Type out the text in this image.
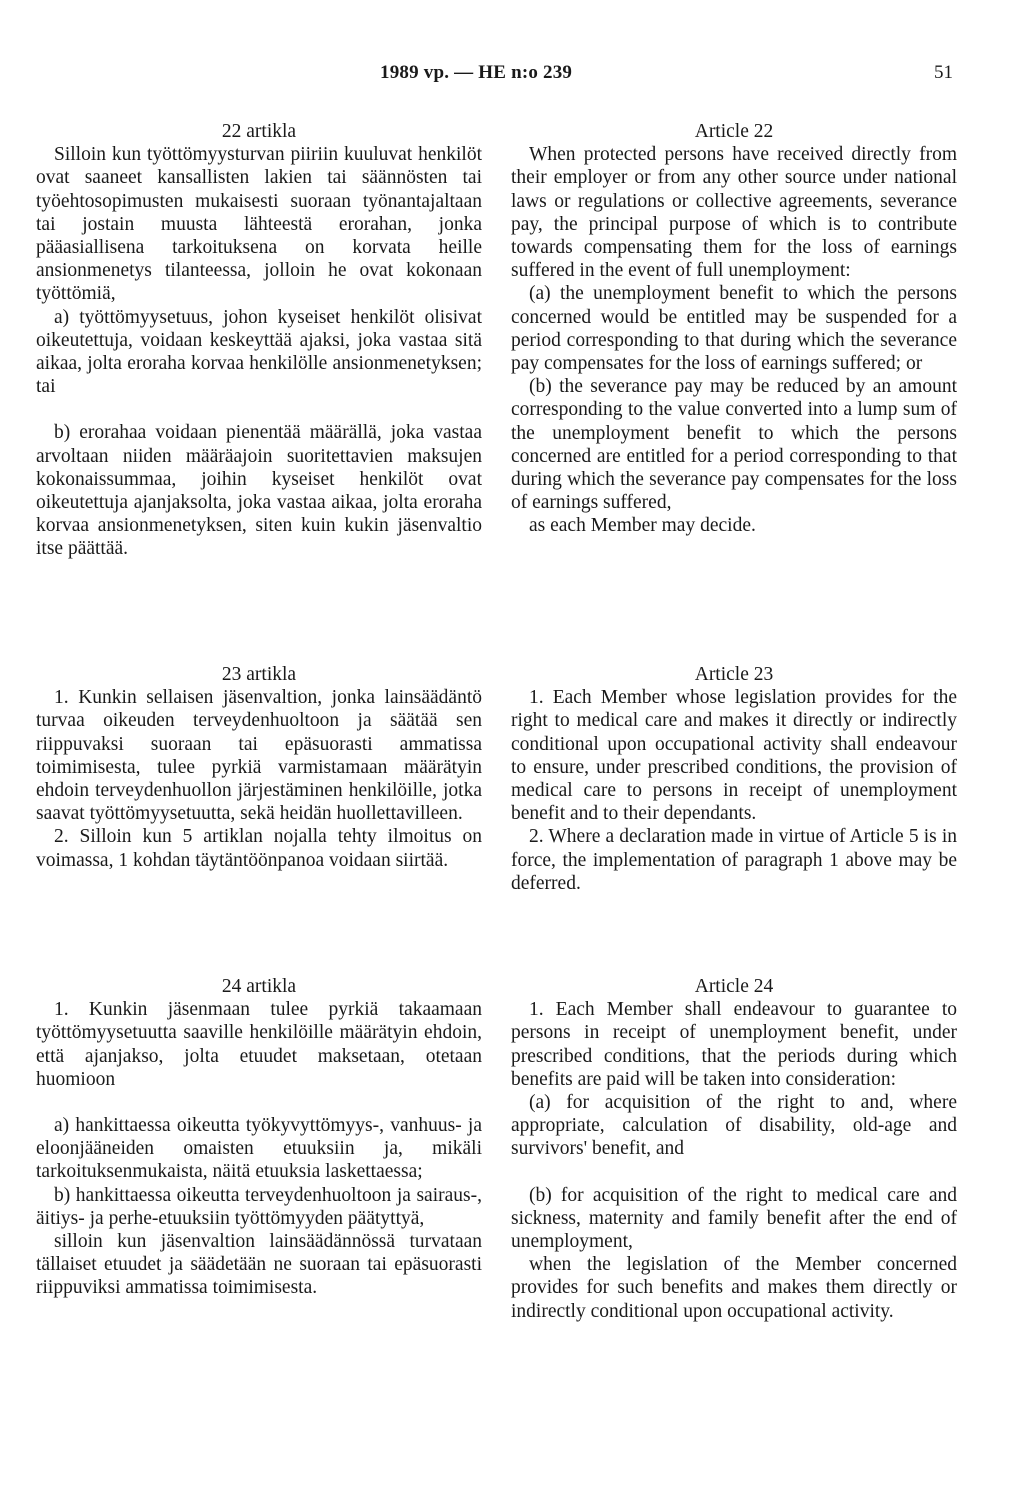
1989 vp. — HE n:o 239	51

22 artikla

Silloin kun työttömyysturvan piiriin kuuluvat henkilöt ovat saaneet kansallisten lakien tai säännösten tai työehtosopimusten mukaisesti suoraan työnantajaltaan tai jostain muusta lähteestä erorahan, jonka pääasiallisena tarkoituksena on korvata heille ansionmenetys tilanteessa, jolloin he ovat kokonaan työttömiä,

a) työttömyysetuus, johon kyseiset henkilöt olisivat oikeutettuja, voidaan keskeyttää ajaksi, joka vastaa sitä aikaa, jolta eroraha korvaa henkilölle ansionmenetyksen; tai

b) erorahaa voidaan pienentää määrällä, joka vastaa arvoltaan niiden määräajoin suoritettavien maksujen kokonaissummaa, joihin kyseiset henkilöt ovat oikeutettuja ajanjaksolta, joka vastaa aikaa, jolta eroraha korvaa ansionmenetyksen, siten kuin kukin jäsenvaltio itse päättää.

Article 22

When protected persons have received directly from their employer or from any other source under national laws or regulations or collective agreements, severance pay, the principal purpose of which is to contribute towards compensating them for the loss of earnings suffered in the event of full unemployment:

(a) the unemployment benefit to which the persons concerned would be entitled may be suspended for a period corresponding to that during which the severance pay compensates for the loss of earnings suffered; or

(b) the severance pay may be reduced by an amount corresponding to the value converted into a lump sum of the unemployment benefit to which the persons concerned are entitled for a period corresponding to that during which the severance pay compensates for the loss of earnings suffered,

as each Member may decide.

23 artikla

1. Kunkin sellaisen jäsenvaltion, jonka lainsäädäntö turvaa oikeuden terveydenhuoltoon ja säätää sen riippuvaksi suoraan tai epäsuorasti ammatissa toimimisesta, tulee pyrkiä varmistamaan määrätyin ehdoin terveydenhuollon järjestäminen henkilöille, jotka saavat työttömyysetuutta, sekä heidän huollettavilleen.

2. Silloin kun 5 artiklan nojalla tehty ilmoitus on voimassa, 1 kohdan täytäntöönpanoa voidaan siirtää.

Article 23

1. Each Member whose legislation provides for the right to medical care and makes it directly or indirectly conditional upon occupational activity shall endeavour to ensure, under prescribed conditions, the provision of medical care to persons in receipt of unemployment benefit and to their dependants.

2. Where a declaration made in virtue of Article 5 is in force, the implementation of paragraph 1 above may be deferred.

24 artikla

1. Kunkin jäsenmaan tulee pyrkiä takaamaan työttömyysetuutta saaville henkilöille määrätyin ehdoin, että ajanjakso, jolta etuudet maksetaan, otetaan huomioon

a) hankittaessa oikeutta työkyvyttömyys-, vanhuus- ja eloonjääneiden omaisten etuuksiin ja, mikäli tarkoituksenmukaista, näitä etuuksia laskettaessa;

b) hankittaessa oikeutta terveydenhuoltoon ja sairaus-, äitiys- ja perhe-etuuksiin työttömyyden päätyttyä,

silloin kun jäsenvaltion lainsäädännössä turvataan tällaiset etuudet ja säädetään ne suoraan tai epäsuorasti riippuviksi ammatissa toimimisesta.

Article 24

1. Each Member shall endeavour to guarantee to persons in receipt of unemployment benefit, under prescribed conditions, that the periods during which benefits are paid will be taken into consideration:

(a) for acquisition of the right to and, where appropriate, calculation of disability, old-age and survivors' benefit, and

(b) for acquisition of the right to medical care and sickness, maternity and family benefit after the end of unemployment,

when the legislation of the Member concerned provides for such benefits and makes them directly or indirectly conditional upon occupational activity.
